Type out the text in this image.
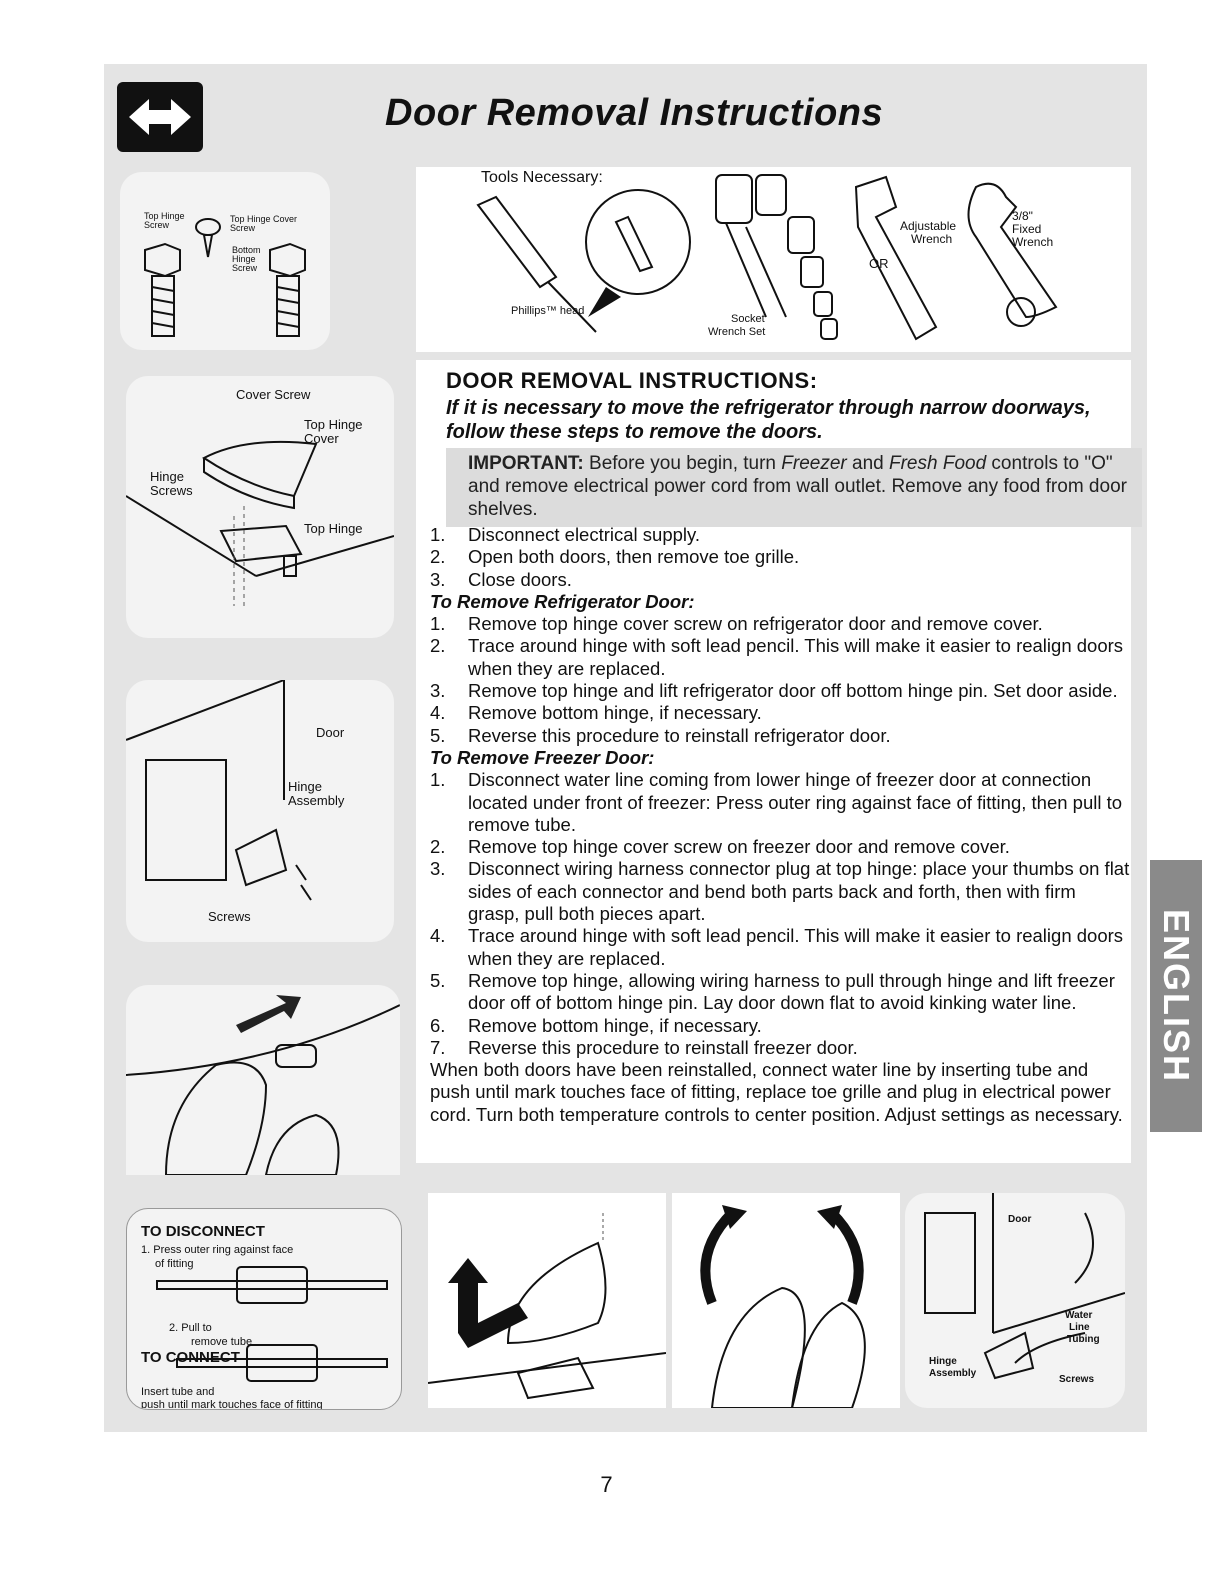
Door Removal Instructions
Top Hinge Screw
Top Hinge Cover Screw
Bottom Hinge Screw
Tools Necessary:
Phillips™ head
Socket
Wrench Set
OR
Adjustable
Wrench
3/8"
Fixed
Wrench
Cover Screw
Top Hinge
Cover
Hinge
Screws
Top Hinge
Door
Hinge
Assembly
Screws
DOOR REMOVAL INSTRUCTIONS:
If it is necessary to move the refrigerator through narrow doorways,
follow these steps to remove the doors.
IMPORTANT: Before you begin, turn Freezer and Fresh Food controls to "O" and remove electrical power cord from wall outlet. Remove any food from door shelves.
1.	Disconnect electrical supply.
2.	Open both doors, then remove toe grille.
3.	Close doors.
To Remove Refrigerator Door:
1.	Remove top hinge cover screw on refrigerator door and remove cover.
2.	Trace around hinge with soft lead pencil. This will make it easier to realign doors when they are replaced.
3.	Remove top hinge and lift refrigerator door off bottom hinge pin. Set door aside.
4.	Remove bottom hinge, if necessary.
5.	Reverse this procedure to reinstall refrigerator door.
To Remove Freezer Door:
1.	Disconnect water line coming from lower hinge of freezer door at connection located under front of freezer: Press outer ring against face of fitting, then pull to remove tube.
2.	Remove top hinge cover screw on freezer door and remove cover.
3.	Disconnect wiring harness connector plug at top hinge: place your thumbs on flat sides of each connector and bend both parts back and forth, then with firm grasp, pull both pieces apart.
4.	Trace around hinge with soft lead pencil. This will make it easier to realign doors when they are replaced.
5.	Remove top hinge, allowing wiring harness to pull through hinge and lift freezer door off of bottom hinge pin. Lay door down flat to avoid kinking water line.
6.	Remove bottom hinge, if necessary.
7.	Reverse this procedure to reinstall freezer door.
When both doors have been reinstalled, connect water line by inserting tube and push until mark touches face of fitting, replace toe grille and plug in electrical power cord. Turn both temperature controls to center position. Adjust settings as necessary.
ENGLISH
TO DISCONNECT
1. Press outer ring against face
of fitting
2. Pull to
remove tube
TO CONNECT
Insert tube and
push until mark touches face of fitting
Door
Water
Line
Tubing
Hinge
Assembly
Screws
7
